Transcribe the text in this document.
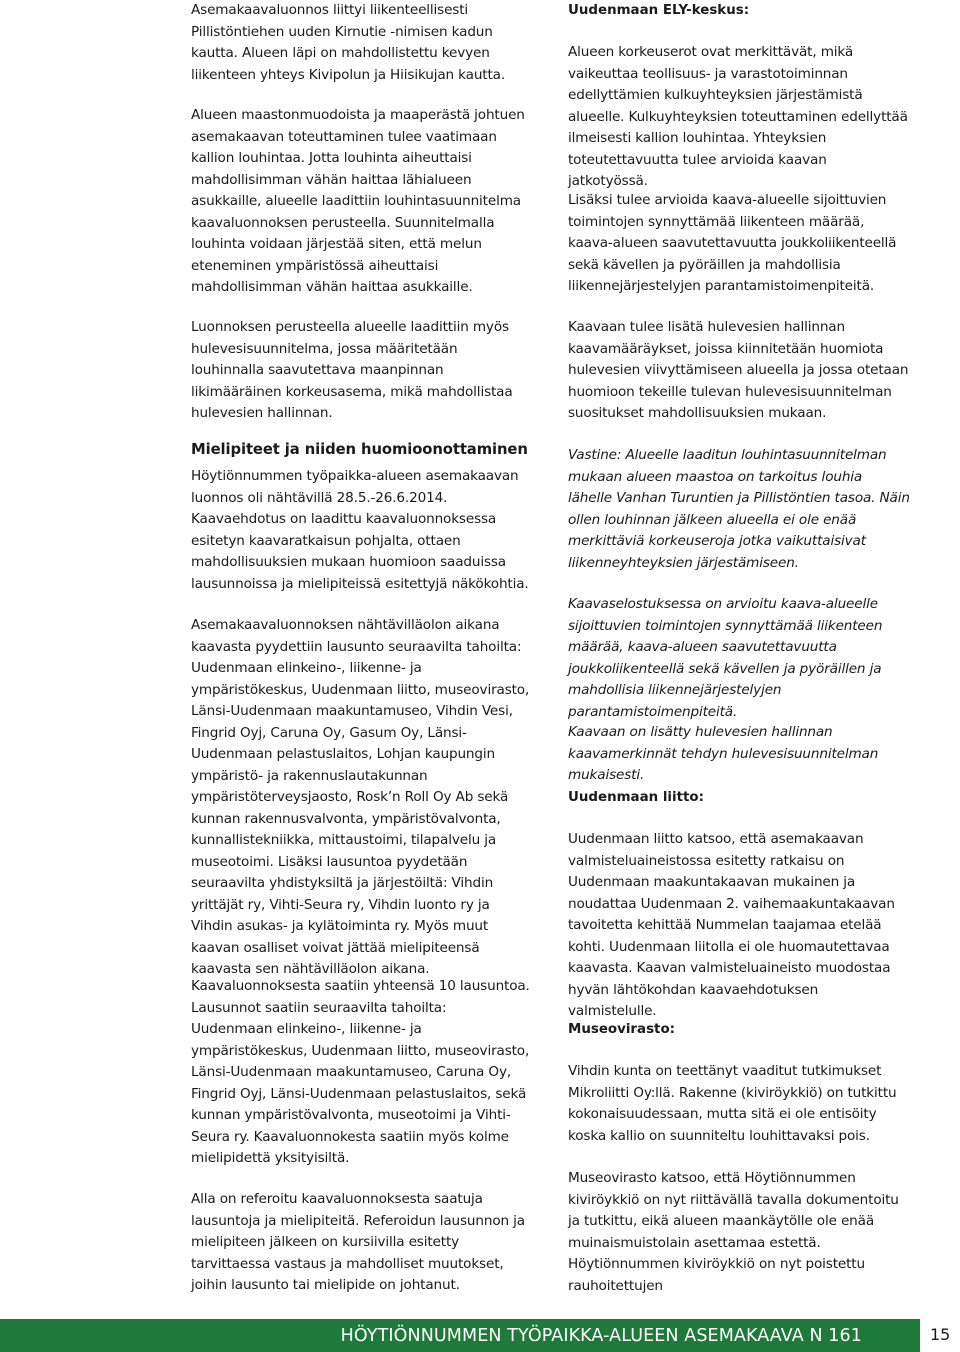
Asemakaavaluonnos liittyi liikenteellisesti Pillistöntiehen uuden Kirnutie -nimisen kadun kautta. Alueen läpi on mahdollistettu kevyen liikenteen yhteys Kivipolun ja Hiisikujan kautta.

Alueen maastonmuodoista ja maaperästä johtuen asemakaavan toteuttaminen tulee vaatimaan kallion louhintaa. Jotta louhinta aiheuttaisi mahdollisimman vähän haittaa lähialueen asukkaille, alueelle laadittiin louhintasuunnitelma kaavaluonnoksen perusteella. Suunnitelmalla louhinta voidaan järjestää siten, että melun eteneminen ympäristössä aiheuttaisi mahdollisimman vähän haittaa asukkaille.

Luonnoksen perusteella alueelle laadittiin myös hulevesisuunnitelma, jossa määritetään louhinnalla saavutettava maanpinnan likimääräinen korkeusasema, mikä mahdollistaa hulevesien hallinnan.

Mielipiteet ja niiden huomioonottaminen

Höytiönnummen työpaikka-alueen asemakaavan luonnos oli nähtävillä 28.5.-26.6.2014. Kaavaehdotus on laadittu kaavaluonnoksessa esitetyn kaavaratkaisun pohjalta, ottaen mahdollisuuksien mukaan huomioon saaduissa lausunnoissa ja mielipiteissä esitettyjä näkökohtia.

Asemakaavaluonnoksen nähtävilläolon aikana kaavasta pyydettiin lausunto seuraavilta tahoilta: Uudenmaan elinkeino-, liikenne- ja ympäristökeskus, Uudenmaan liitto, museovirasto, Länsi-Uudenmaan maakuntamuseo, Vihdin Vesi, Fingrid Oyj, Caruna Oy, Gasum Oy, Länsi-Uudenmaan pelastuslaitos, Lohjan kaupungin ympäristö- ja rakennuslautakunnan ympäristöterveysjaosto, Rosk’n Roll Oy Ab sekä kunnan rakennusvalvonta, ympäristövalvonta, kunnallistekniikka, mittaustoimi, tilapalvelu ja museotoimi. Lisäksi lausuntoa pyydetään seuraavilta yhdistyksiltä ja järjestöiltä: Vihdin yrittäjät ry, Vihti-Seura ry, Vihdin luonto ry ja Vihdin asukas- ja kylätoiminta ry. Myös muut kaavan osalliset voivat jättää mielipiteensä kaavasta sen nähtävilläolon aikana.

Kaavaluonnoksesta saatiin yhteensä 10 lausuntoa. Lausunnot saatiin seuraavilta tahoilta: Uudenmaan elinkeino-, liikenne- ja ympäristökeskus, Uudenmaan liitto, museovirasto, Länsi-Uudenmaan maakuntamuseo, Caruna Oy, Fingrid Oyj, Länsi-Uudenmaan pelastuslaitos, sekä kunnan ympäristövalvonta, museotoimi ja Vihti-Seura ry. Kaavaluonnokesta saatiin myös kolme mielipidettä yksityisiltä.

Alla on referoitu kaavaluonnoksesta saatuja lausuntoja ja mielipiteitä. Referoidun lausunnon ja mielipiteen jälkeen on kursiivilla esitetty tarvittaessa vastaus ja mahdolliset muutokset, joihin lausunto tai mielipide on johtanut.

Uudenmaan ELY-keskus:

Alueen korkeuserot ovat merkittävät, mikä vaikeuttaa teollisuus- ja varastotoiminnan edellyttämien kulkuyhteyksien järjestämistä alueelle. Kulkuyhteyksien toteuttaminen edellyttää ilmeisesti kallion louhintaa. Yhteyksien toteutettavuutta tulee arvioida kaavan jatkotyössä.

Lisäksi tulee arvioida kaava-alueelle sijoittuvien toimintojen synnyttämää liikenteen määrää, kaava-alueen saavutettavuutta joukkoliikenteellä sekä kävellen ja pyöräillen ja mahdollisia liikennejärjestelyjen parantamistoimenpiteitä.

Kaavaan tulee lisätä hulevesien hallinnan kaavamääräykset, joissa kiinnitetään huomiota hulevesien viivyttämiseen alueella ja jossa otetaan huomioon tekeille tulevan hulevesisuunnitelman suositukset mahdollisuuksien mukaan.

Vastine: Alueelle laaditun louhintasuunnitelman mukaan alueen maastoa on tarkoitus louhia lähelle Vanhan Turuntien ja Pillistöntien tasoa. Näin ollen louhinnan jälkeen alueella ei ole enää merkittäviä korkeuseroja jotka vaikuttaisivat liikenneyhteyksien järjestämiseen.

Kaavaselostuksessa on arvioitu kaava-alueelle sijoittuvien toimintojen synnyttämää liikenteen määrää, kaava-alueen saavutettavuutta joukkoliikenteellä sekä kävellen ja pyöräillen ja mahdollisia liikennejärjestelyjen parantamistoimenpiteitä.

Kaavaan on lisätty hulevesien hallinnan kaavamerkinnät tehdyn hulevesisuunnitelman mukaisesti.

Uudenmaan liitto:

Uudenmaan liitto katsoo, että asemakaavan valmisteluaineistossa esitetty ratkaisu on Uudenmaan maakuntakaavan mukainen ja noudattaa Uudenmaan 2. vaihemaakuntakaavan tavoitetta kehittää Nummelan taajamaa etelää kohti. Uudenmaan liitolla ei ole huomautettavaa kaavasta. Kaavan valmisteluaineisto muodostaa hyvän lähtökohdan kaavaehdotuksen valmistelulle.

Museovirasto:

Vihdin kunta on teettänyt vaaditut tutkimukset Mikroliitti Oy:llä. Rakenne (kiviröykkiö) on tutkittu kokonaisuudessaan, mutta sitä ei ole entisöity koska kallio on suunniteltu louhittavaksi pois.

Museovirasto katsoo, että Höytiönnummen kiviröykkiö on nyt riittävällä tavalla dokumentoitu ja tutkittu, eikä alueen maankäytölle ole enää muinaismuistolain asettamaa estettä. Höytiönnummen kiviröykkiö on nyt poistettu rauhoitettujen

HÖYTIÖNNUMMEN TYÖPAIKKA-ALUEEN ASEMAKAAVA N 161	15
